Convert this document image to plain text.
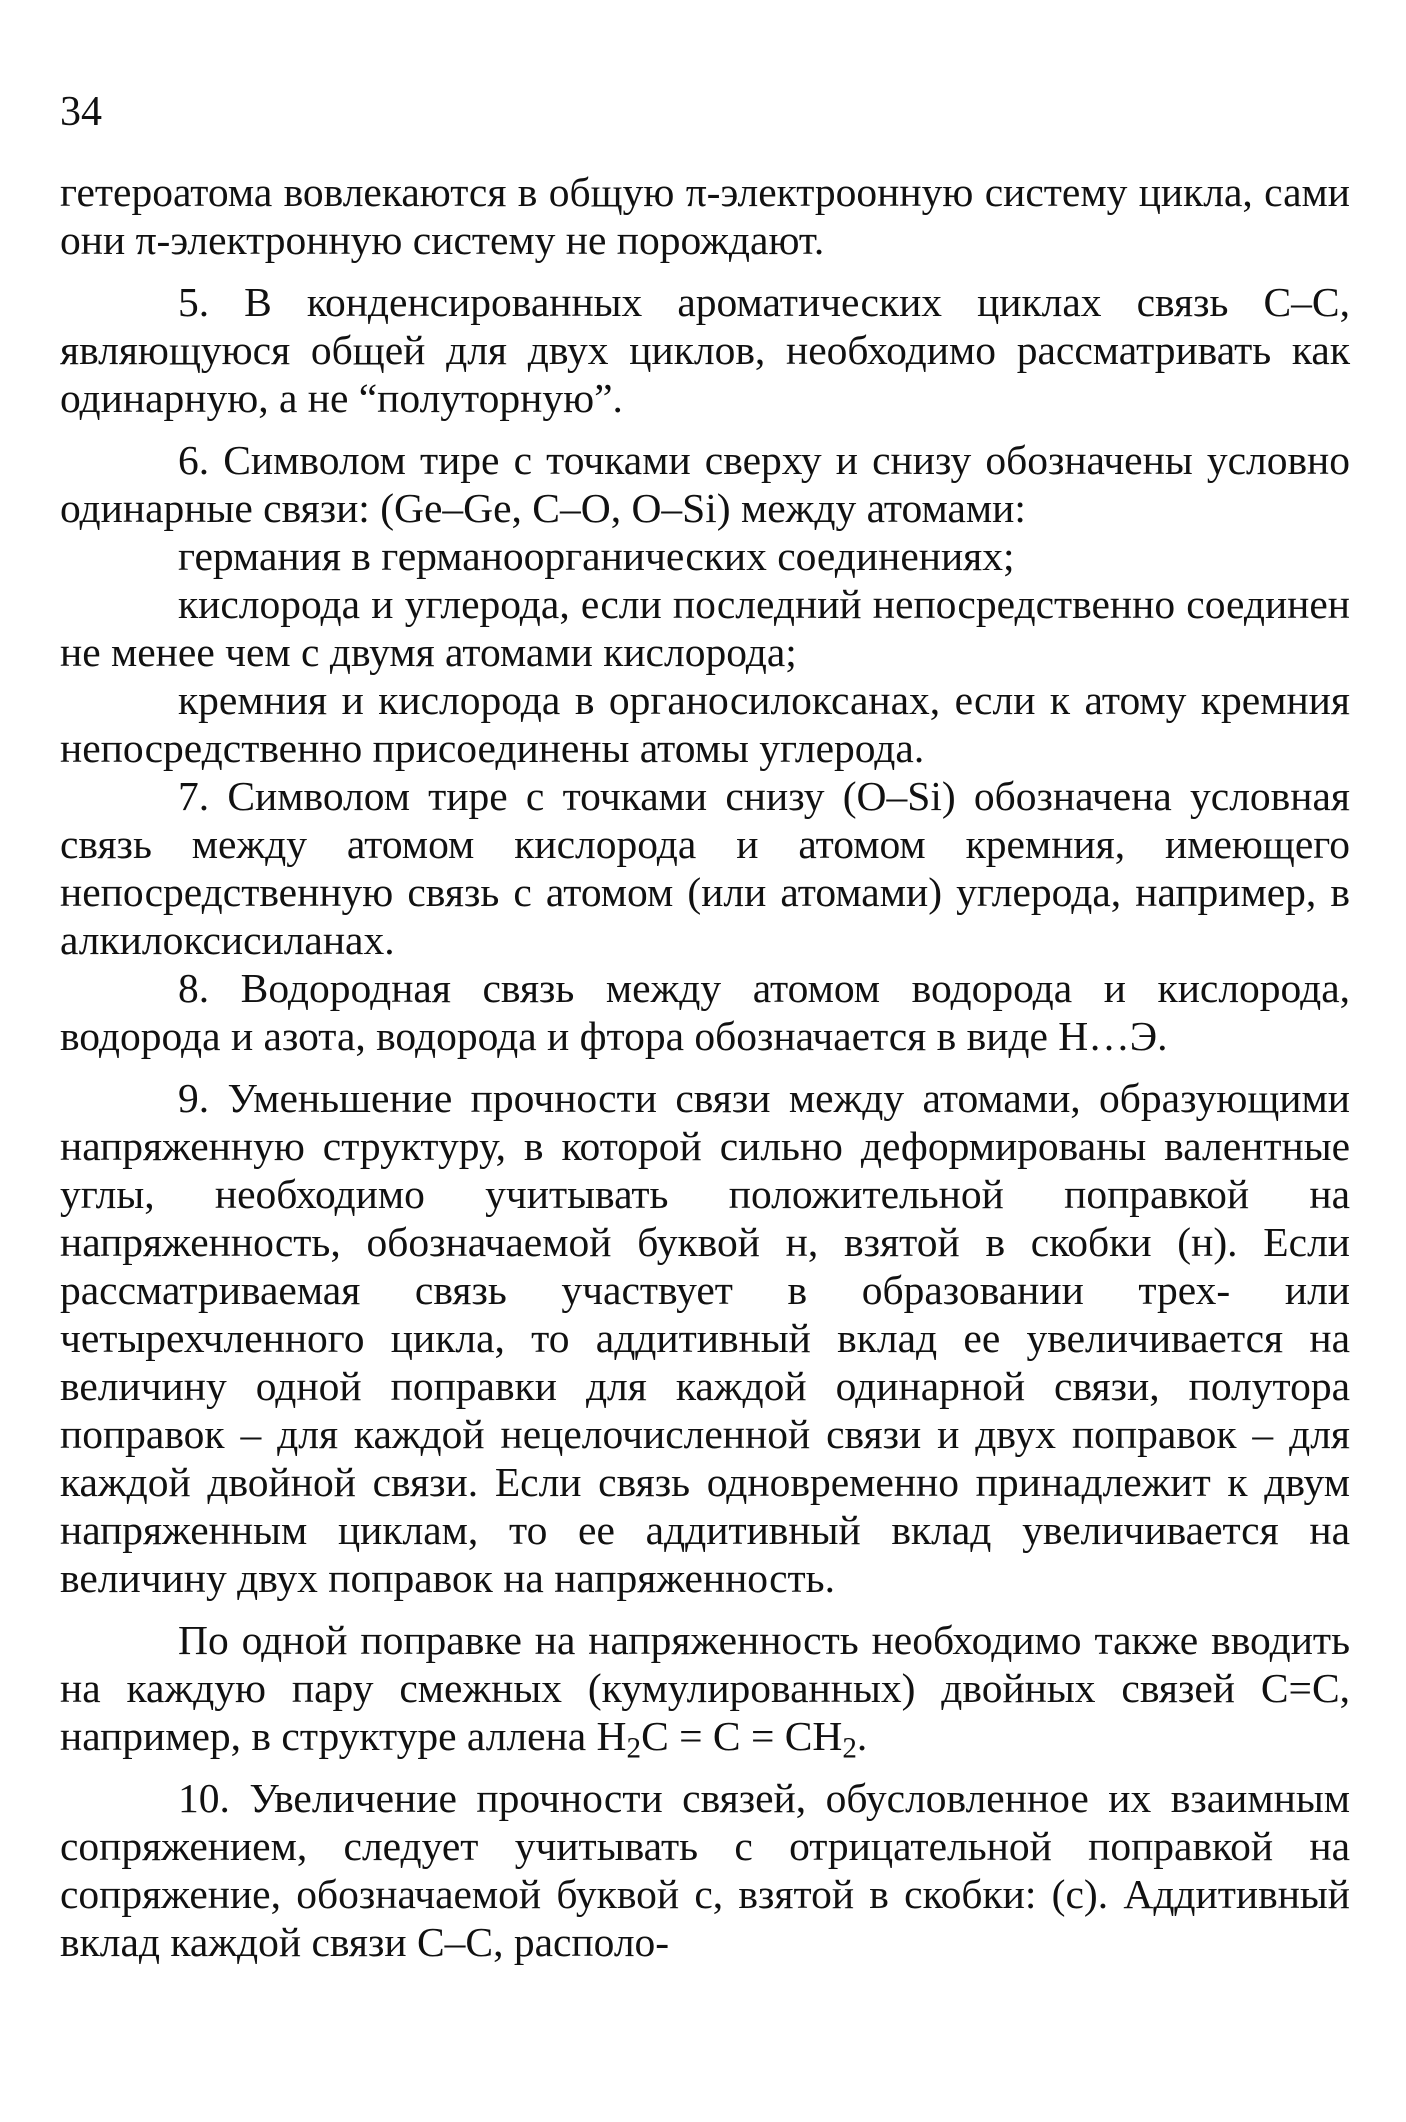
34

гетероатома вовлекаются в общую π-электроонную систему цикла, сами они π-электронную систему не порождают.

5. В конденсированных ароматических циклах связь С–С, являющуюся общей для двух циклов, необходимо рассматривать как одинарную, а не “полуторную”.

6. Символом тире с точками сверху и снизу обозначены условно одинарные связи: (Ge–Ge, С–О, О–Si) между атомами:

германия в германоорганических соединениях;

кислорода и углерода, если последний непосредственно соединен не менее чем с двумя атомами кислорода;

кремния и кислорода в органосилоксанах, если к атому кремния непосредственно присоединены атомы углерода.

7. Символом тире с точками снизу (О–Si) обозначена условная связь между атомом кислорода и атомом кремния, имеющего непосредственную связь с атомом (или атомами) углерода, например, в алкилоксисиланах.

8. Водородная связь между атомом водорода и кислорода, водорода и азота, водорода и фтора обозначается в виде Н…Э.

9. Уменьшение прочности связи между атомами, образующими напряженную структуру, в которой сильно деформированы валентные углы, необходимо учитывать положительной поправкой на напряженность, обозначаемой буквой н, взятой в скобки (н). Если рассматриваемая связь участвует в образовании трех- или четырехчленного цикла, то аддитивный вклад ее увеличивается на величину одной поправки для каждой одинарной связи, полутора поправок – для каждой нецелочисленной связи и двух поправок – для каждой двойной связи. Если связь одновременно принадлежит к двум напряженным циклам, то ее аддитивный вклад увеличивается на величину двух поправок на напряженность.

По одной поправке на напряженность необходимо также вводить на каждую пару смежных (кумулированных) двойных связей С=С, например, в структуре аллена $H_2C = C = CH_2$.

10. Увеличение прочности связей, обусловленное их взаимным сопряжением, следует учитывать с отрицательной поправкой на сопряжение, обозначаемой буквой с, взятой в скобки: (с). Аддитивный вклад каждой связи С–С, располо-
